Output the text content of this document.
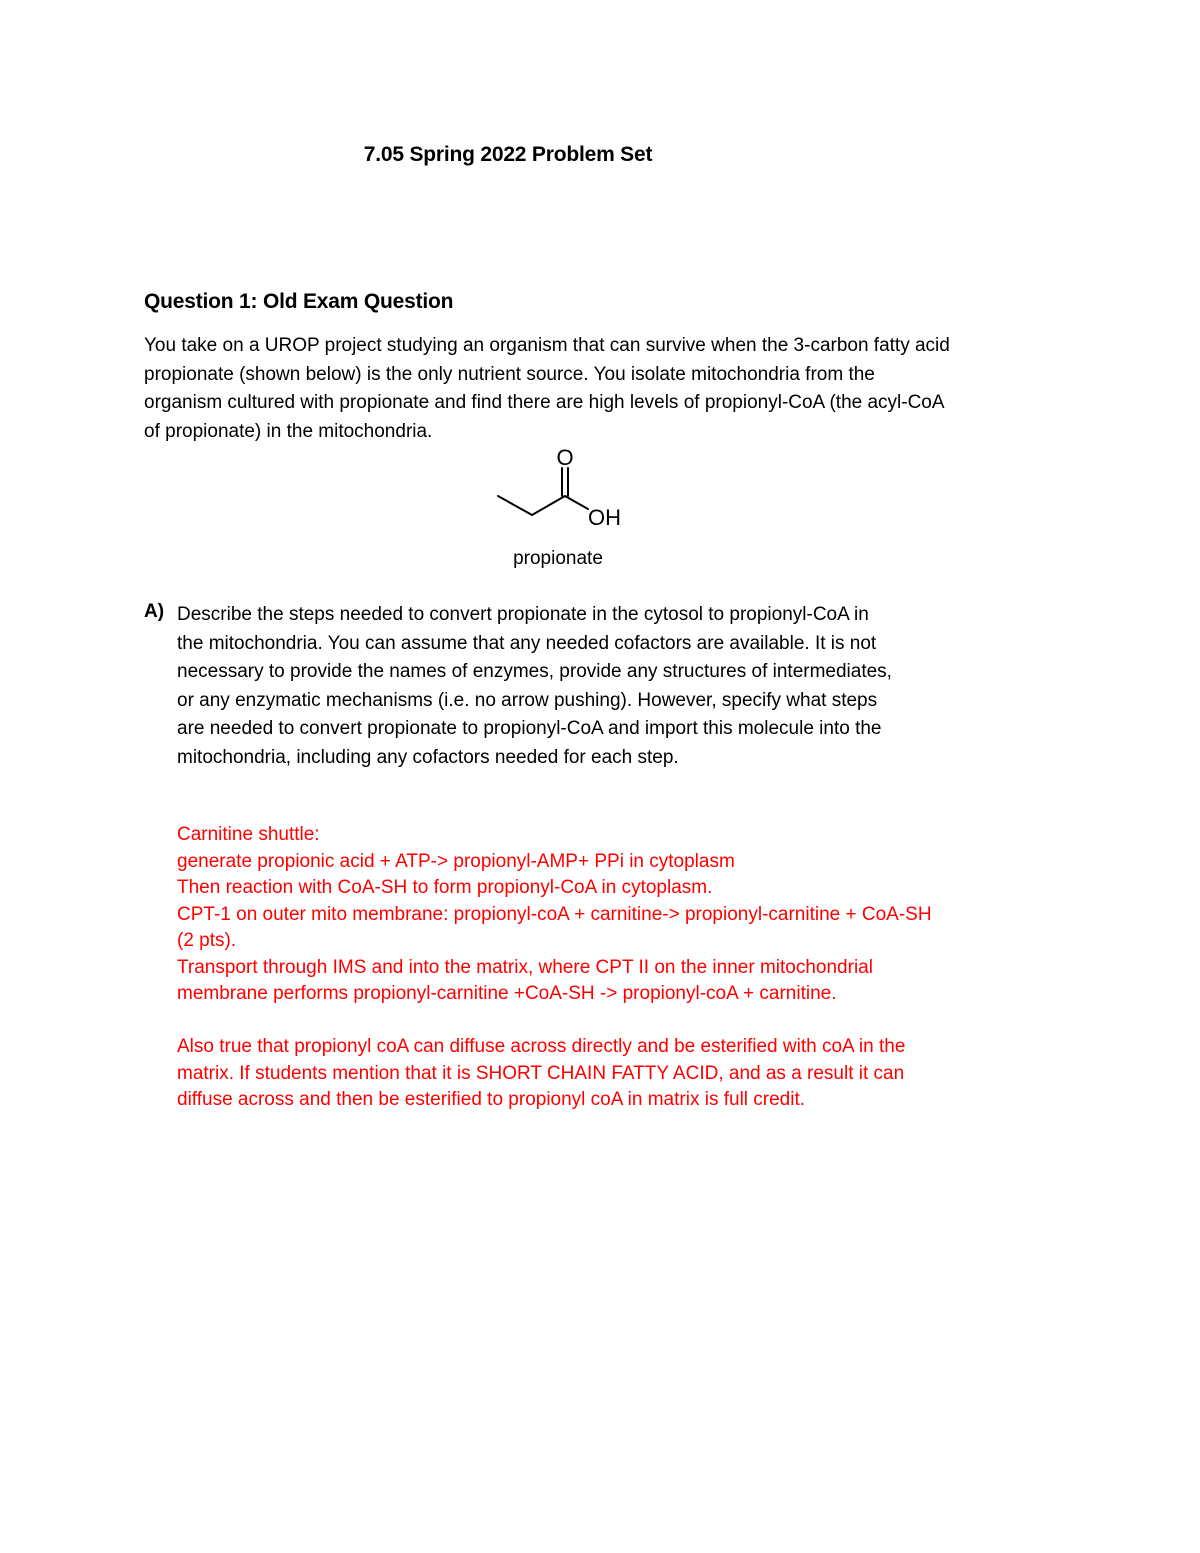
7.05 Spring 2022 Problem Set
Question 1: Old Exam Question
You take on a UROP project studying an organism that can survive when the 3-carbon fatty acid
propionate (shown below) is the only nutrient source. You isolate mitochondria from the
organism cultured with propionate and find there are high levels of propionyl-CoA (the acyl-CoA
of propionate) in the mitochondria.
O
OH
propionate
A) Describe the steps needed to convert propionate in the cytosol to propionyl-CoA in
the mitochondria. You can assume that any needed cofactors are available. It is not
necessary to provide the names of enzymes, provide any structures of intermediates,
or any enzymatic mechanisms (i.e. no arrow pushing). However, specify what steps
are needed to convert propionate to propionyl-CoA and import this molecule into the
mitochondria, including any cofactors needed for each step.
Carnitine shuttle:
generate propionic acid + ATP-> propionyl-AMP+ PPi in cytoplasm
Then reaction with CoA-SH to form propionyl-CoA in cytoplasm.
CPT-1 on outer mito membrane: propionyl-coA + carnitine-> propionyl-carnitine + CoA-SH
(2 pts).
Transport through IMS and into the matrix, where CPT II on the inner mitochondrial
membrane performs propionyl-carnitine +CoA-SH -> propionyl-coA + carnitine.
Also true that propionyl coA can diffuse across directly and be esterified with coA in the
matrix. If students mention that it is SHORT CHAIN FATTY ACID, and as a result it can
diffuse across and then be esterified to propionyl coA in matrix is full credit.
